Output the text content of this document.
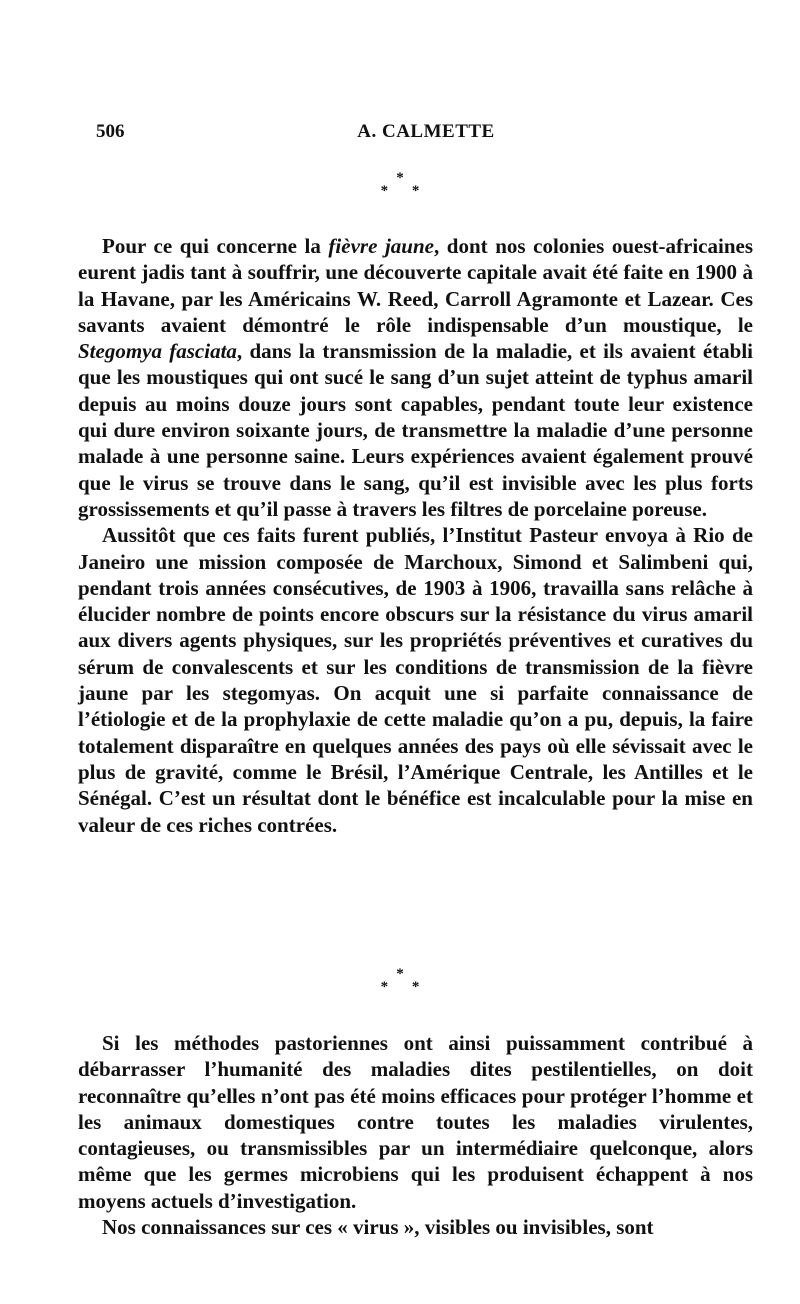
506	A. CALMETTE
*
* *

Pour ce qui concerne la fièvre jaune, dont nos colonies ouest-africaines eurent jadis tant à souffrir, une découverte capitale avait été faite en 1900 à la Havane, par les Américains W. Reed, Carroll Agramonte et Lazear. Ces savants avaient démontré le rôle indispensable d’un moustique, le Stegomya fasciata, dans la transmission de la maladie, et ils avaient établi que les moustiques qui ont sucé le sang d’un sujet atteint de typhus amaril depuis au moins douze jours sont capables, pendant toute leur existence qui dure environ soixante jours, de transmettre la maladie d’une personne malade à une personne saine. Leurs expériences avaient également prouvé que le virus se trouve dans le sang, qu’il est invisible avec les plus forts grossissements et qu’il passe à travers les filtres de porcelaine poreuse.

Aussitôt que ces faits furent publiés, l’Institut Pasteur envoya à Rio de Janeiro une mission composée de Marchoux, Simond et Salimbeni qui, pendant trois années consécutives, de 1903 à 1906, travailla sans relâche à élucider nombre de points encore obscurs sur la résistance du virus amaril aux divers agents physiques, sur les propriétés préventives et curatives du sérum de convalescents et sur les conditions de transmission de la fièvre jaune par les stegomyas. On acquit une si parfaite connaissance de l’étiologie et de la prophylaxie de cette maladie qu’on a pu, depuis, la faire totalement disparaître en quelques années des pays où elle sévissait avec le plus de gravité, comme le Brésil, l’Amérique Centrale, les Antilles et le Sénégal. C’est un résultat dont le bénéfice est incalculable pour la mise en valeur de ces riches contrées.

*
* *

Si les méthodes pastoriennes ont ainsi puissamment contribué à débarrasser l’humanité des maladies dites pestilentielles, on doit reconnaître qu’elles n’ont pas été moins efficaces pour protéger l’homme et les animaux domestiques contre toutes les maladies virulentes, contagieuses, ou transmissibles par un intermédiaire quelconque, alors même que les germes microbiens qui les produisent échappent à nos moyens actuels d’investigation.

Nos connaissances sur ces « virus », visibles ou invisibles, sont
